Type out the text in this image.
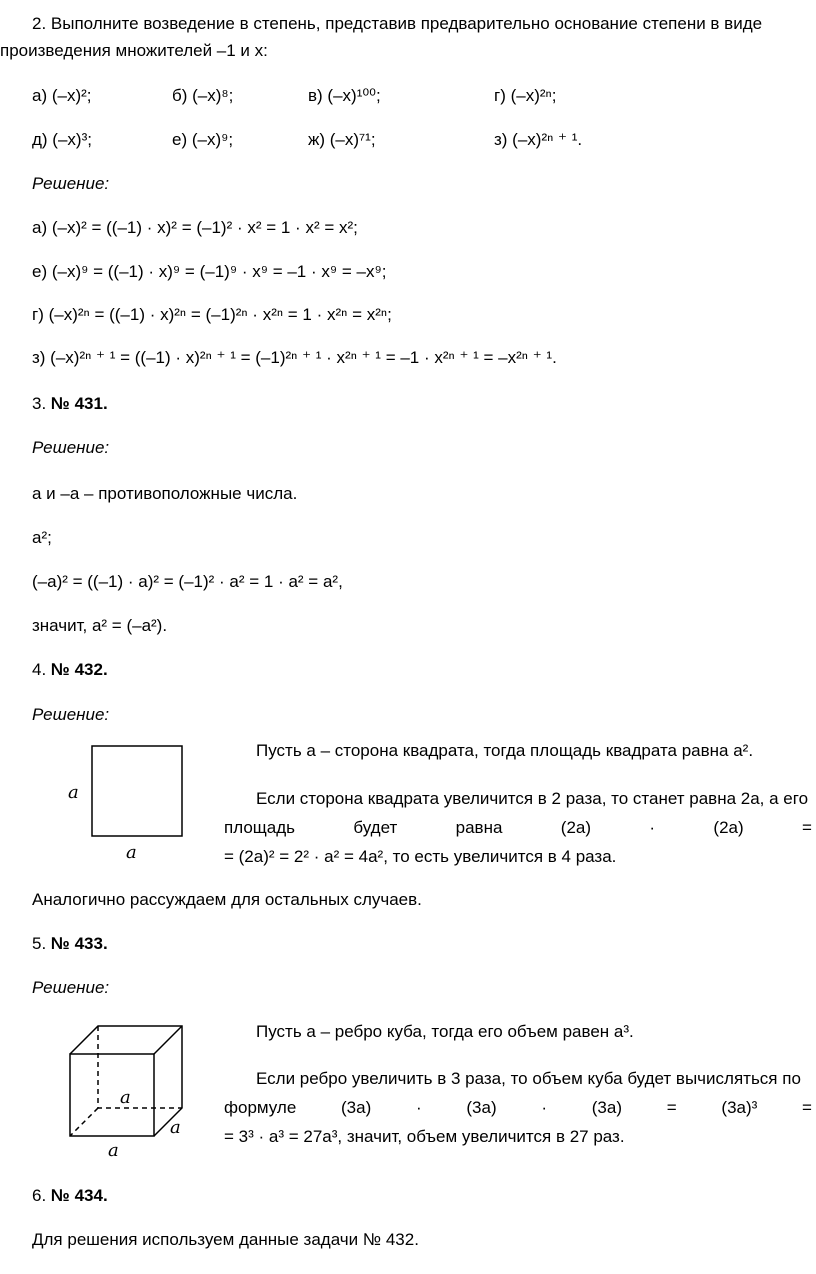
2. Выполните возведение в степень, представив предварительно основание степени в виде
произведения множителей –1 и x:
а) (–x)²;	б) (–x)⁸;	в) (–x)¹⁰⁰;	г) (–x)²ⁿ;
д) (–x)³;	е) (–x)⁹;	ж) (–x)⁷¹;	з) (–x)²ⁿ ⁺ ¹.
Решение:
а) (–x)² = ((–1) · x)² = (–1)² · x² = 1 · x² = x²;
е) (–x)⁹ = ((–1) · x)⁹ = (–1)⁹ · x⁹ = –1 · x⁹ = –x⁹;
г) (–x)²ⁿ = ((–1) · x)²ⁿ = (–1)²ⁿ · x²ⁿ = 1 · x²ⁿ = x²ⁿ;
з) (–x)²ⁿ ⁺ ¹ = ((–1) · x)²ⁿ ⁺ ¹ = (–1)²ⁿ ⁺ ¹ · x²ⁿ ⁺ ¹ = –1 · x²ⁿ ⁺ ¹ = –x²ⁿ ⁺ ¹.
3. № 431.
Решение:
a и –a – противоположные числа.
a²;
(–a)² = ((–1) · a)² = (–1)² · a² = 1 · a² = a²,
значит, a² = (–a²).
4. № 432.
Решение:
a
a
Пусть a – сторона квадрата, тогда площадь квадрата равна a².
Если сторона квадрата увеличится в 2 раза, то станет равна 2a, а его
площадь	будет	равна	(2a)	·	(2a)	=
= (2a)² = 2² · a² = 4a², то есть увеличится в 4 раза.
Аналогично рассуждаем для остальных случаев.
5. № 433.
Решение:
a
a
a
Пусть a – ребро куба, тогда его объем равен a³.
Если ребро увеличить в 3 раза, то объем куба будет вычисляться по
формуле	(3a)	·	(3a)	·	(3a)	=	(3a)³	=
= 3³ · a³ = 27a³, значит, объем увеличится в 27 раз.
6. № 434.
Для решения используем данные задачи № 432.
